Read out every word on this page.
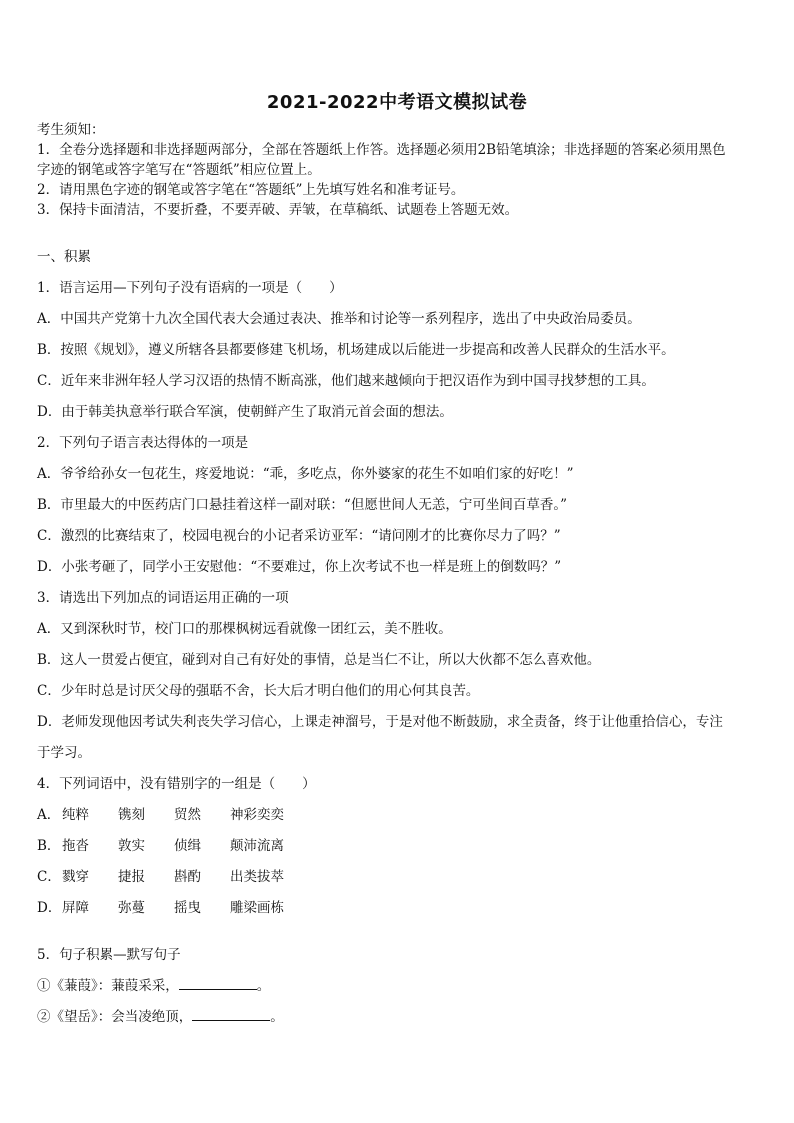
2021-2022中考语文模拟试卷
考生须知：
1．全卷分选择题和非选择题两部分，全部在答题纸上作答。选择题必须用2B铅笔填涂；非选择题的答案必须用黑色
字迹的钢笔或答字笔写在“答题纸”相应位置上。
2．请用黑色字迹的钢笔或答字笔在“答题纸”上先填写姓名和准考证号。
3．保持卡面清洁，不要折叠，不要弄破、弄皱，在草稿纸、试题卷上答题无效。
一、积累
1．语言运用—下列句子没有语病的一项是（　　）
A．中国共产党第十九次全国代表大会通过表决、推举和讨论等一系列程序，选出了中央政治局委员。
B．按照《规划》，遵义所辖各县都要修建飞机场，机场建成以后能进一步提高和改善人民群众的生活水平。
C．近年来非洲年轻人学习汉语的热情不断高涨，他们越来越倾向于把汉语作为到中国寻找梦想的工具。
D．由于韩美执意举行联合军演，使朝鲜产生了取消元首会面的想法。
2．下列句子语言表达得体的一项是
A．爷爷给孙女一包花生，疼爱地说：“乖，多吃点，你外婆家的花生不如咱们家的好吃！”
B．市里最大的中医药店门口悬挂着这样一副对联：“但愿世间人无恙，宁可坐间百草香。”
C．激烈的比赛结束了，校园电视台的小记者采访亚军：“请问刚才的比赛你尽力了吗？”
D．小张考砸了，同学小王安慰他：“不要难过，你上次考试不也一样是班上的倒数吗？”
3．请选出下列加点的词语运用正确的一项
A．又到深秋时节，校门口的那棵枫树远看就像一团红云，美不胜收。
B．这人一贯爱占便宜，碰到对自己有好处的事情，总是当仁不让，所以大伙都不怎么喜欢他。
C．少年时总是讨厌父母的强聒不舍，长大后才明白他们的用心何其良苦。
D．老师发现他因考试失利丧失学习信心，上课走神溜号，于是对他不断鼓励，求全责备，终于让他重拾信心，专注
于学习。
4．下列词语中，没有错别字的一组是（　　）
A． 纯粹	镌刻	贸然	神彩奕奕
B． 拖沓	敦实	侦缉	颠沛流离
C． 戮穿	捷报	斟酌	出类拔萃
D． 屏障	弥蔓	摇曳	雕梁画栋
5．句子积累—默写句子
①《蒹葭》：蒹葭采采，	。
②《望岳》：会当凌绝顶，	。
